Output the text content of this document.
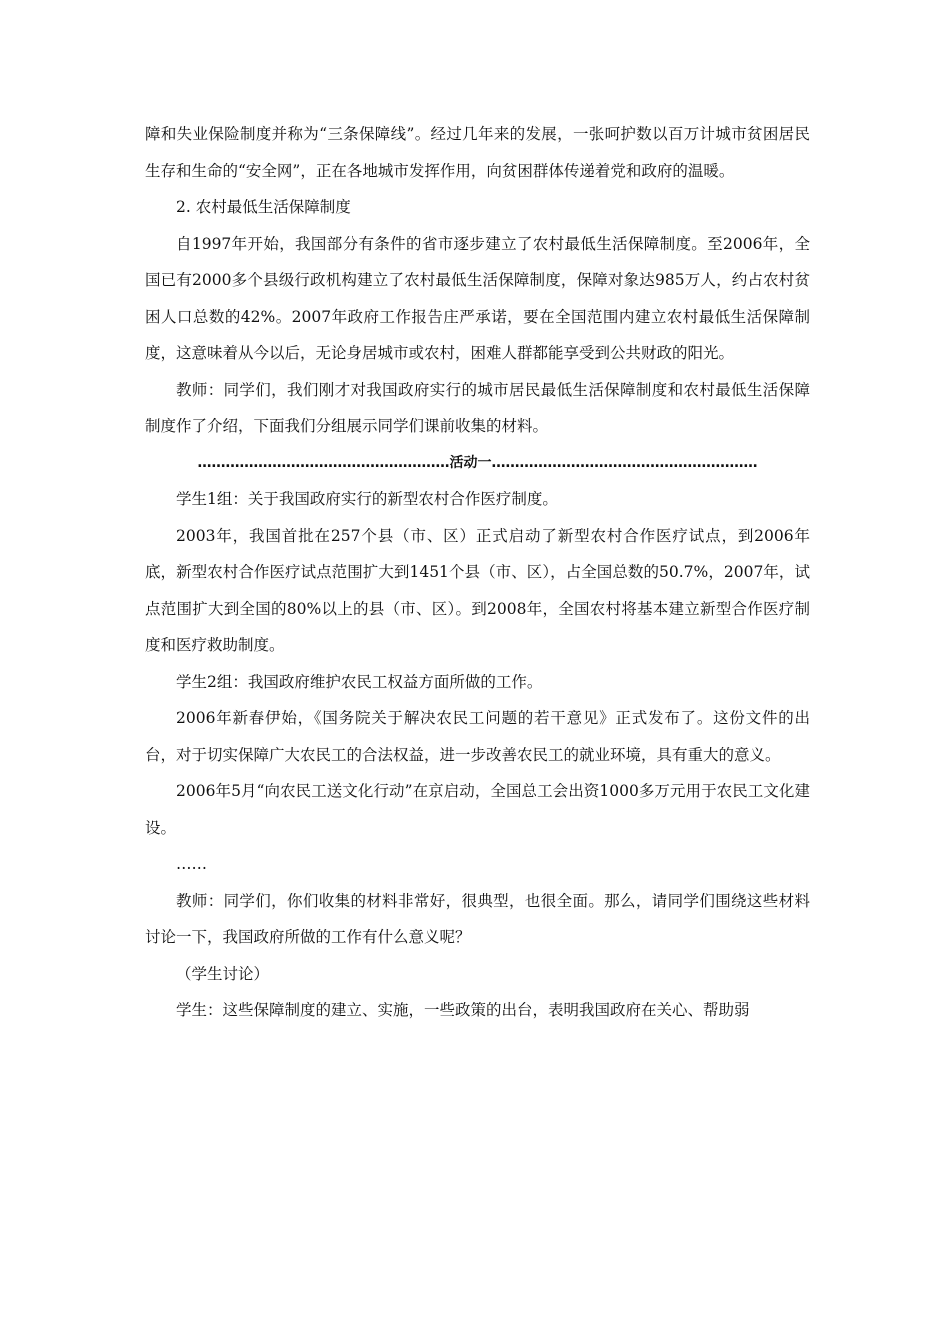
障和失业保险制度并称为“三条保障线”。经过几年来的发展，一张呵护数以百万计城市贫困居民生存和生命的“安全网”，正在各地城市发挥作用，向贫困群体传递着党和政府的温暖。

2. 农村最低生活保障制度

自1997年开始，我国部分有条件的省市逐步建立了农村最低生活保障制度。至2006年，全国已有2000多个县级行政机构建立了农村最低生活保障制度，保障对象达985万人，约占农村贫困人口总数的42%。2007年政府工作报告庄严承诺，要在全国范围内建立农村最低生活保障制度，这意味着从今以后，无论身居城市或农村，困难人群都能享受到公共财政的阳光。

教师：同学们，我们刚才对我国政府实行的城市居民最低生活保障制度和农村最低生活保障制度作了介绍，下面我们分组展示同学们课前收集的材料。

………………………………………………活动一…………………………………………………

学生1组：关于我国政府实行的新型农村合作医疗制度。

2003年，我国首批在257个县（市、区）正式启动了新型农村合作医疗试点，到2006年底，新型农村合作医疗试点范围扩大到1451个县（市、区），占全国总数的50.7%，2007年，试点范围扩大到全国的80%以上的县（市、区）。到2008年，全国农村将基本建立新型合作医疗制度和医疗救助制度。

学生2组：我国政府维护农民工权益方面所做的工作。

2006年新春伊始，《国务院关于解决农民工问题的若干意见》正式发布了。这份文件的出台，对于切实保障广大农民工的合法权益，进一步改善农民工的就业环境，具有重大的意义。

2006年5月“向农民工送文化行动”在京启动，全国总工会出资1000多万元用于农民工文化建设。

……

教师：同学们，你们收集的材料非常好，很典型，也很全面。那么，请同学们围绕这些材料讨论一下，我国政府所做的工作有什么意义呢？

（学生讨论）

学生：这些保障制度的建立、实施，一些政策的出台，表明我国政府在关心、帮助弱
